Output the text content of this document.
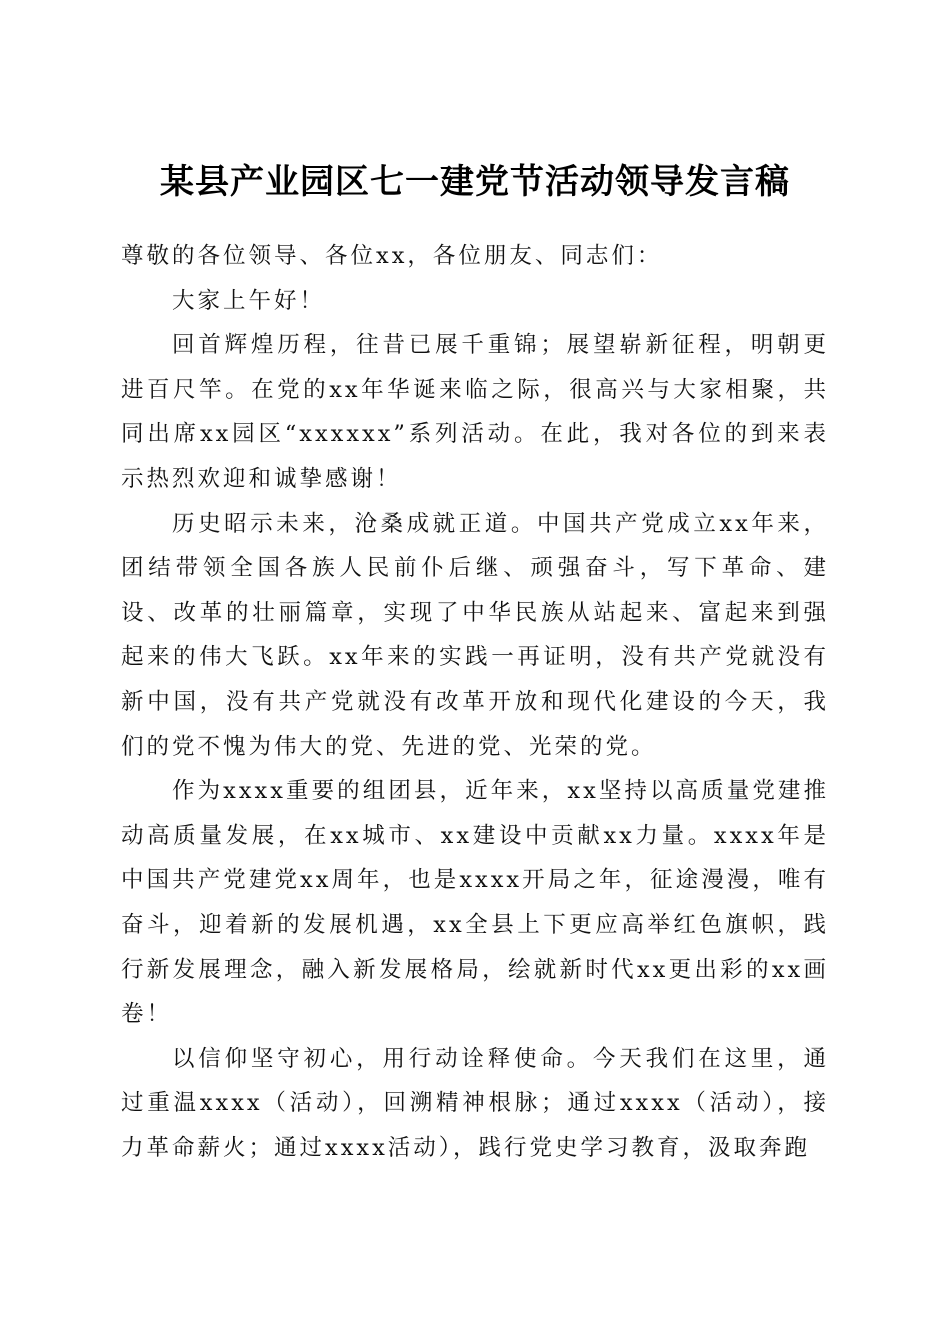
某县产业园区七一建党节活动领导发言稿

尊敬的各位领导、各位xx，各位朋友、同志们：

大家上午好！

回首辉煌历程，往昔已展千重锦；展望崭新征程，明朝更进百尺竿。在党的xx年华诞来临之际，很高兴与大家相聚，共同出席xx园区“xxxxxx”系列活动。在此，我对各位的到来表示热烈欢迎和诚挚感谢！

历史昭示未来，沧桑成就正道。中国共产党成立xx年来，团结带领全国各族人民前仆后继、顽强奋斗，写下革命、建设、改革的壮丽篇章，实现了中华民族从站起来、富起来到强起来的伟大飞跃。xx年来的实践一再证明，没有共产党就没有新中国，没有共产党就没有改革开放和现代化建设的今天，我们的党不愧为伟大的党、先进的党、光荣的党。

作为xxxx重要的组团县，近年来，xx坚持以高质量党建推动高质量发展，在xx城市、xx建设中贡献xx力量。xxxx年是中国共产党建党xx周年，也是xxxx开局之年，征途漫漫，唯有奋斗，迎着新的发展机遇，xx全县上下更应高举红色旗帜，践行新发展理念，融入新发展格局，绘就新时代xx更出彩的xx画卷！

以信仰坚守初心，用行动诠释使命。今天我们在这里，通过重温xxxx（活动），回溯精神根脉；通过xxxx（活动），接力革命薪火；通过xxxx活动），践行党史学习教育，汲取奔跑
